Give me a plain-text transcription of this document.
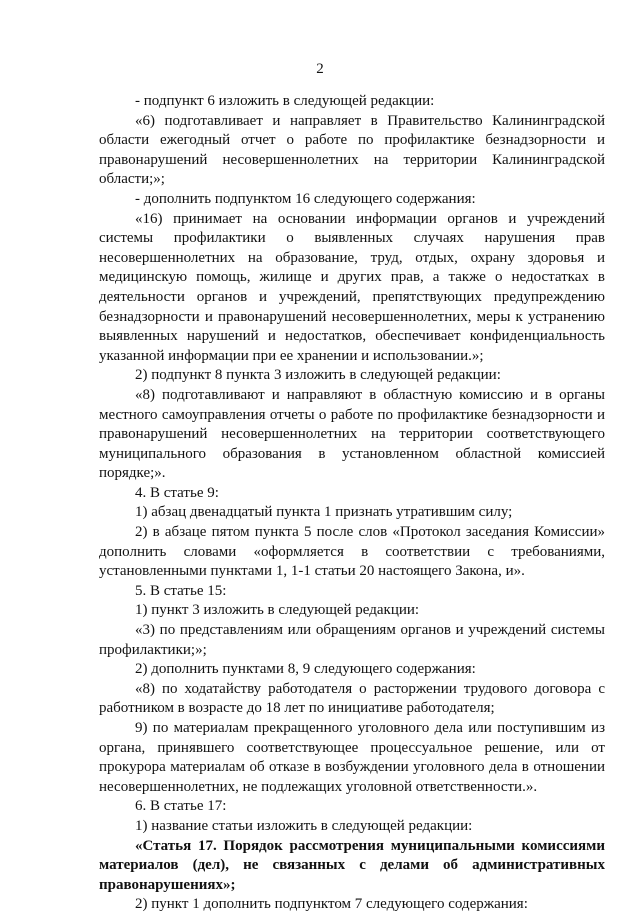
2

- подпункт 6 изложить в следующей редакции:

«6) подготавливает и направляет в Правительство Калининградской области ежегодный отчет о работе по профилактике безнадзорности и правонарушений несовершеннолетних на территории Калининградской области;»;

- дополнить подпунктом 16 следующего содержания:

«16) принимает на основании информации органов и учреждений системы профилактики о выявленных случаях нарушения прав несовершеннолетних на образование, труд, отдых, охрану здоровья и медицинскую помощь, жилище и других прав, а также о недостатках в деятельности органов и учреждений, препятствующих предупреждению безнадзорности и правонарушений несовершеннолетних, меры к устранению выявленных нарушений и недостатков, обеспечивает конфиденциальность указанной информации при ее хранении и использовании.»;

2) подпункт 8 пункта 3 изложить в следующей редакции:

«8) подготавливают и направляют в областную комиссию и в органы местного самоуправления отчеты о работе по профилактике безнадзорности и правонарушений несовершеннолетних на территории соответствующего муниципального образования в установленном областной комиссией порядке;».

4. В статье 9:

1) абзац двенадцатый пункта 1 признать утратившим силу;

2) в абзаце пятом пункта 5 после слов «Протокол заседания Комиссии» дополнить словами «оформляется в соответствии с требованиями, установленными пунктами 1, 1-1 статьи 20 настоящего Закона, и».

5. В статье 15:

1) пункт 3 изложить в следующей редакции:

«3) по представлениям или обращениям органов и учреждений системы профилактики;»;

2) дополнить пунктами 8, 9 следующего содержания:

«8) по ходатайству работодателя о расторжении трудового договора с работником в возрасте до 18 лет по инициативе работодателя;

9) по материалам прекращенного уголовного дела или поступившим из органа, принявшего соответствующее процессуальное решение, или от прокурора материалам об отказе в возбуждении уголовного дела в отношении несовершеннолетних, не подлежащих уголовной ответственности.».

6. В статье 17:

1) название статьи изложить в следующей редакции:

«Статья 17. Порядок рассмотрения муниципальными комиссиями материалов (дел), не связанных с делами об административных правонарушениях»;

2) пункт 1 дополнить подпунктом 7 следующего содержания:
